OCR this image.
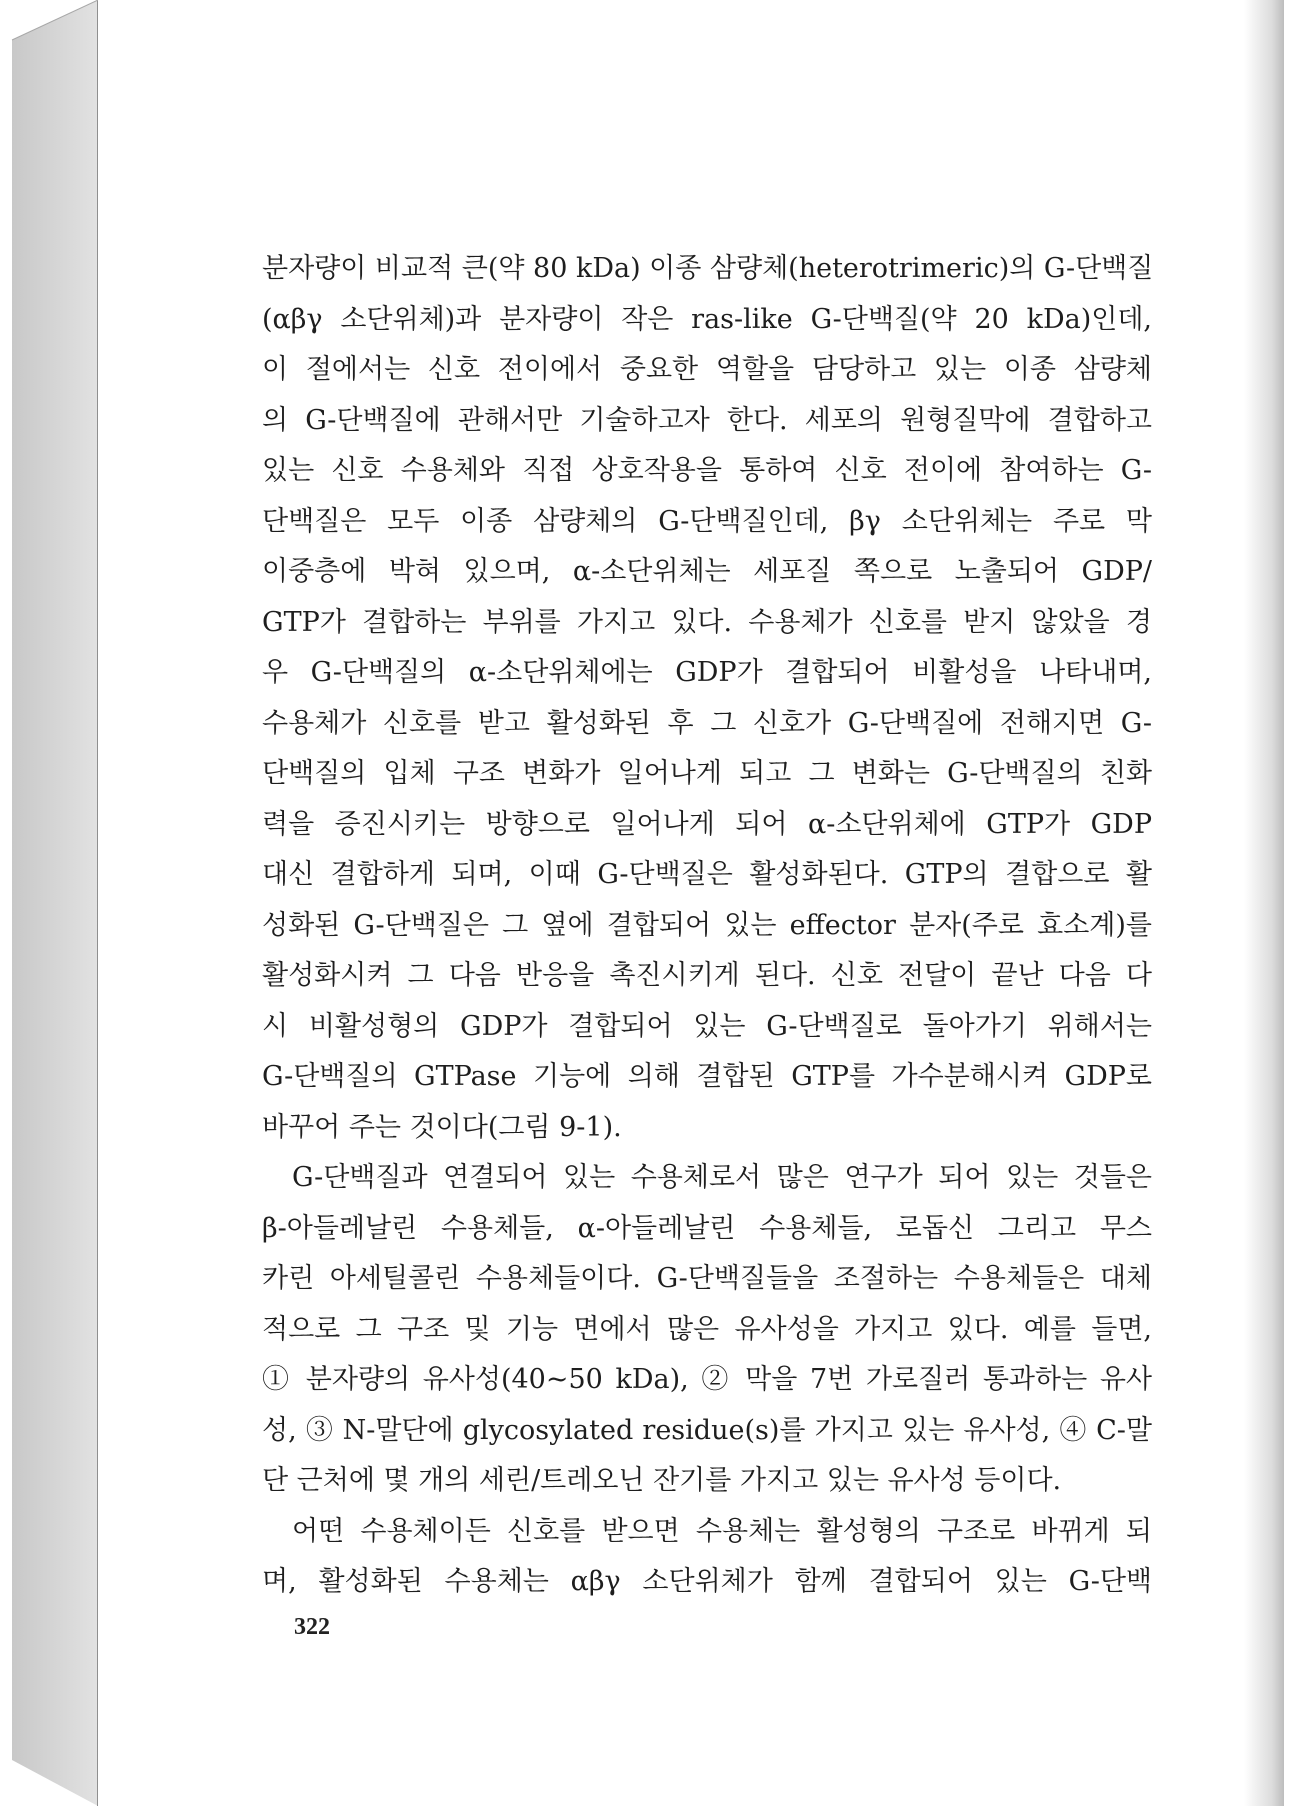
분자량이 비교적 큰(약 80 kDa) 이종 삼량체(heterotrimeric)의 G-단백질
(αβγ 소단위체)과 분자량이 작은 ras-like G-단백질(약 20 kDa)인데,
이 절에서는 신호 전이에서 중요한 역할을 담당하고 있는 이종 삼량체
의 G-단백질에 관해서만 기술하고자 한다. 세포의 원형질막에 결합하고
있는 신호 수용체와 직접 상호작용을 통하여 신호 전이에 참여하는 G-
단백질은 모두 이종 삼량체의 G-단백질인데, βγ 소단위체는 주로 막
이중층에 박혀 있으며, α-소단위체는 세포질 쪽으로 노출되어 GDP/
GTP가 결합하는 부위를 가지고 있다. 수용체가 신호를 받지 않았을 경
우 G-단백질의 α-소단위체에는 GDP가 결합되어 비활성을 나타내며,
수용체가 신호를 받고 활성화된 후 그 신호가 G-단백질에 전해지면 G-
단백질의 입체 구조 변화가 일어나게 되고 그 변화는 G-단백질의 친화
력을 증진시키는 방향으로 일어나게 되어 α-소단위체에 GTP가 GDP
대신 결합하게 되며, 이때 G-단백질은 활성화된다. GTP의 결합으로 활
성화된 G-단백질은 그 옆에 결합되어 있는 effector 분자(주로 효소계)를
활성화시켜 그 다음 반응을 촉진시키게 된다. 신호 전달이 끝난 다음 다
시 비활성형의 GDP가 결합되어 있는 G-단백질로 돌아가기 위해서는
G-단백질의 GTPase 기능에 의해 결합된 GTP를 가수분해시켜 GDP로
바꾸어 주는 것이다(그림 9-1).
G-단백질과 연결되어 있는 수용체로서 많은 연구가 되어 있는 것들은
β-아들레날린 수용체들, α-아들레날린 수용체들, 로돕신 그리고 무스
카린 아세틸콜린 수용체들이다. G-단백질들을 조절하는 수용체들은 대체
적으로 그 구조 및 기능 면에서 많은 유사성을 가지고 있다. 예를 들면,
① 분자량의 유사성(40~50 kDa), ② 막을 7번 가로질러 통과하는 유사
성, ③ N-말단에 glycosylated residue(s)를 가지고 있는 유사성, ④ C-말
단 근처에 몇 개의 세린/트레오닌 잔기를 가지고 있는 유사성 등이다.
어떤 수용체이든 신호를 받으면 수용체는 활성형의 구조로 바뀌게 되
며, 활성화된 수용체는 αβγ 소단위체가 함께 결합되어 있는 G-단백
322
